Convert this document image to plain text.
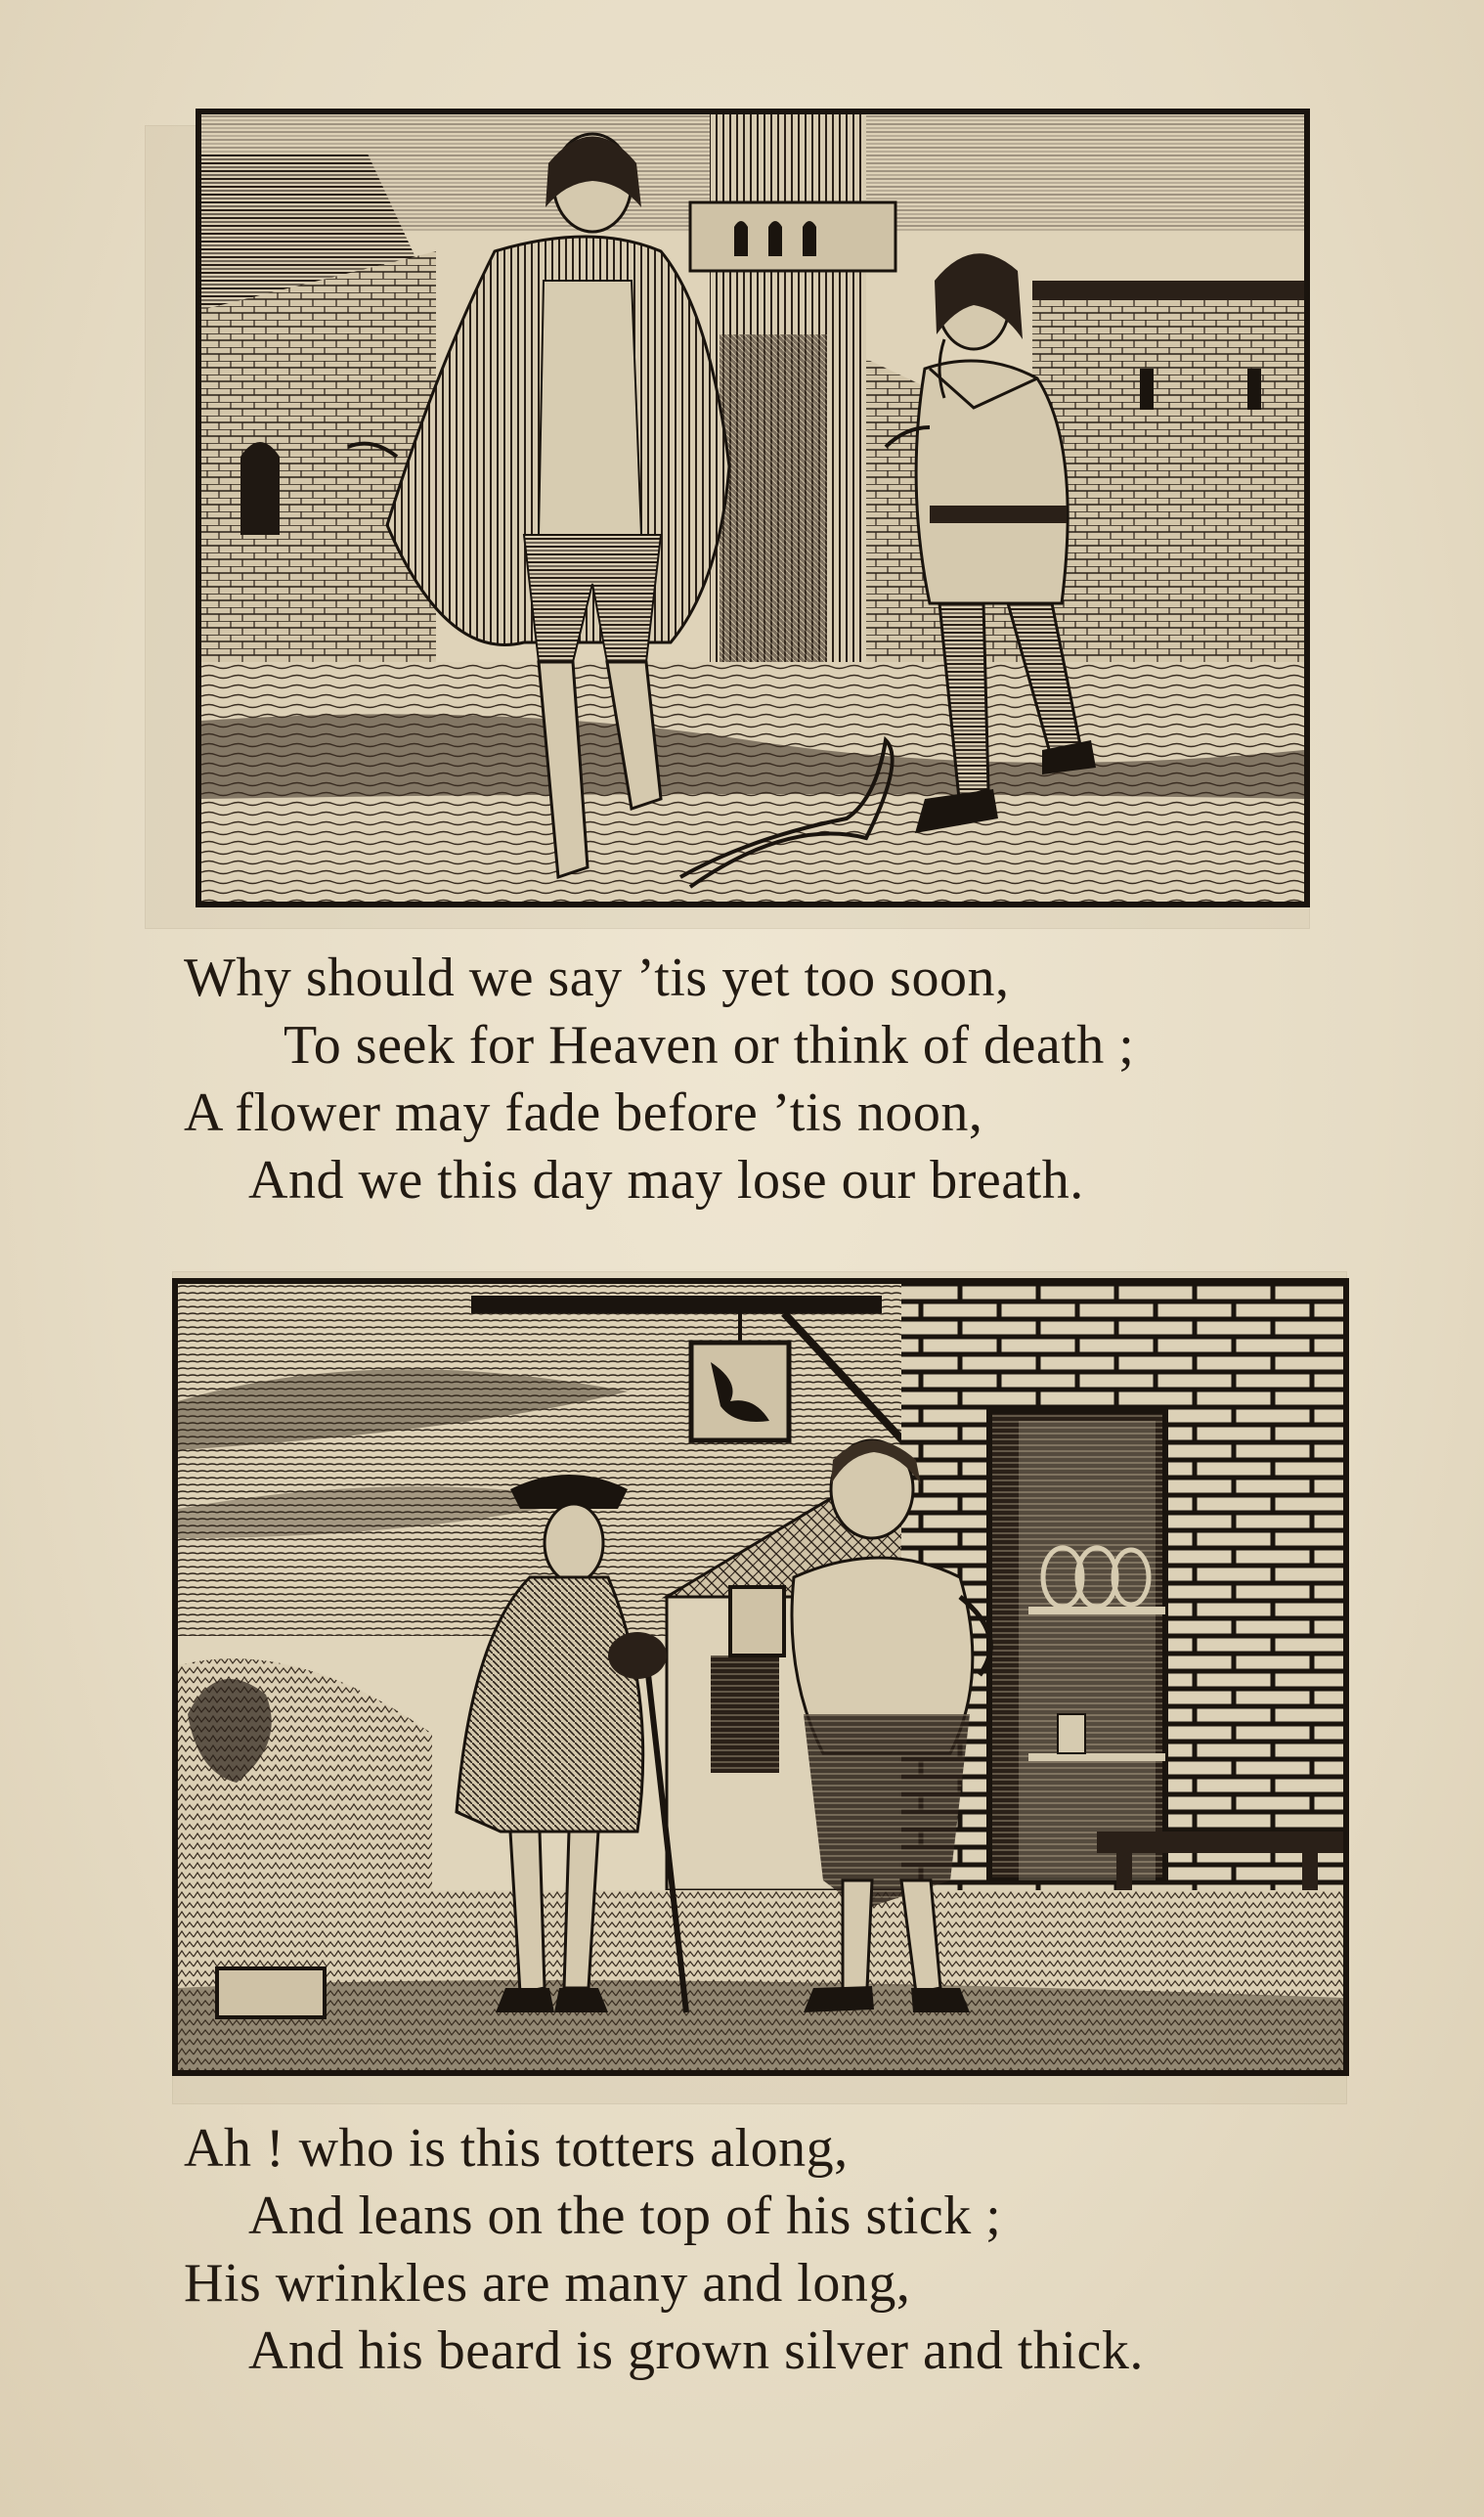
Why should we say ’tis yet too soon,
To seek for Heaven or think of death ;
A flower may fade before ’tis noon,
And we this day may lose our breath.
Ah ! who is this totters along,
And leans on the top of his stick ;
His wrinkles are many and long,
And his beard is grown silver and thick.
